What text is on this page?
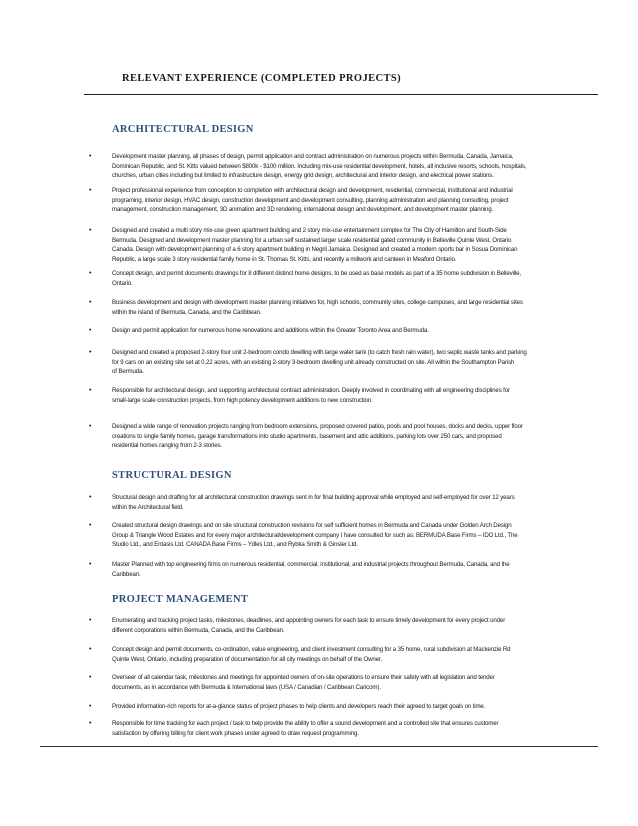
RELEVANT EXPERIENCE (COMPLETED PROJECTS)
ARCHITECTURAL DESIGN
•	Development master planning, all phases of design, permit application and contract administration on numerous projects within Bermuda, Canada, Jamaica,
Dominican Republic, and St. Kitts valued between $800k - $100 million. Including mix-use residential development, hotels, all inclusive resorts, schools, hospitals,
churches, urban cities including but limited to infrastructure design, energy grid design, architectural and interior design, and electrical power stations.
•	Project professional experience from conception to completion with architectural design and development, residential, commercial, institutional and industrial
programing, interior design, HVAC design, construction development and development consulting, planning administration and planning consulting, project
management, construction management, 3D animation and 3D rendering, international design and development, and development master planning.
•	Designed and created a multi story mix-use green apartment building and 2 story mix-use entertainment complex for The City of Hamilton and South-Side
Bermuda. Designed and development master planning for a urban self sustained larger scale residential gated community in Belleville Quinte West, Ontario
Canada. Design with development planning of a 6 story apartment building in Negril Jamaica. Designed and created a modern sports bar in Sosua Dominican
Republic, a large scale 3 story residential family home in St. Thomas St. Kitts, and recently a millwork and canteen in Meaford Ontario.
•	Concept design, and permit documents drawings for 8 different distinct home designs, to be used as base models as part of a 35 home subdivision in Belleville,
Ontario.
•	Business development and design with development master planning initiatives for, high schools, community sites, college campuses, and large residential sites
within the island of Bermuda, Canada, and the Caribbean.
•	Design and permit application for numerous home renovations and additions within the Greater Toronto Area and Bermuda.
•	Designed and created a proposed 2-story four unit 2-bedroom condo dwelling with large water tank (to catch fresh rain water), two septic waste tanks and parking
for 9 cars on an existing site set at 0.22 acres, with an existing 2-story 3-bedroom dwelling unit already constructed on site. All within the Southampton Parish
of Bermuda.
•	Responsible for architectural design, and supporting architectural contract administration. Deeply involved in coordinating with all engineering disciplines for
small-large scale construction projects, from high potency development additions to new construction.
•	Designed a wide range of renovation projects ranging from bedroom extensions, proposed covered patios, pools and pool houses, docks and decks, upper floor
creations to single family homes, garage transformations into studio apartments, basement and attic additions, parking lots over 250 cars, and proposed
residential homes ranging from 2-3 stories.
STRUCTURAL DESIGN
•	Structural design and drafting for all architectural construction drawings sent in for final building approval while employed and self-employed for over 12 years
within the Architectural field.
•	Created structural design drawings and on site structural construction revisions for self sufficient homes in Bermuda and Canada under Golden Arch Design
Group & Triangle Wood Estates and for every major architectural/development company I have consulted for such as: BERMUDA Base Firms – IDO Ltd., The
Studio Ltd., and Entasis Ltd. CANADA Base Firms – Ydles Ltd., and Rybka Smith & Ginsler Ltd.
•	Master Planned with top engineering firms on numerous residential, commercial, institutional, and industrial projects throughout Bermuda, Canada, and the
Caribbean.
PROJECT MANAGEMENT
•	Enumerating and tracking project tasks, milestones, deadlines, and appointing owners for each task to ensure timely development for every project under
different corporations within Bermuda, Canada, and the Caribbean.
•	Concept design and permit documents, co-ordination, value engineering, and client investment consulting for a 35 home, rural subdivision at Mackenzie Rd
Quinte West, Ontario, including preparation of documentation for all city meetings on behalf of the Owner.
•	Overseer of all calendar task, milestones and meetings for appointed owners of on-site operations to ensure their safety with all legislation and tender
documents, as in accordance with Bermuda & International laws (USA / Canadian / Caribbean Caricom).
•	Provided information-rich reports for at-a-glance status of project phases to help clients and developers reach their agreed to target goals on time.
•	Responsible for time tracking for each project / task to help provide the ability to offer a sound development and a controlled site that ensures customer
satisfaction by offering billing for client work phases under agreed to draw request programming.
